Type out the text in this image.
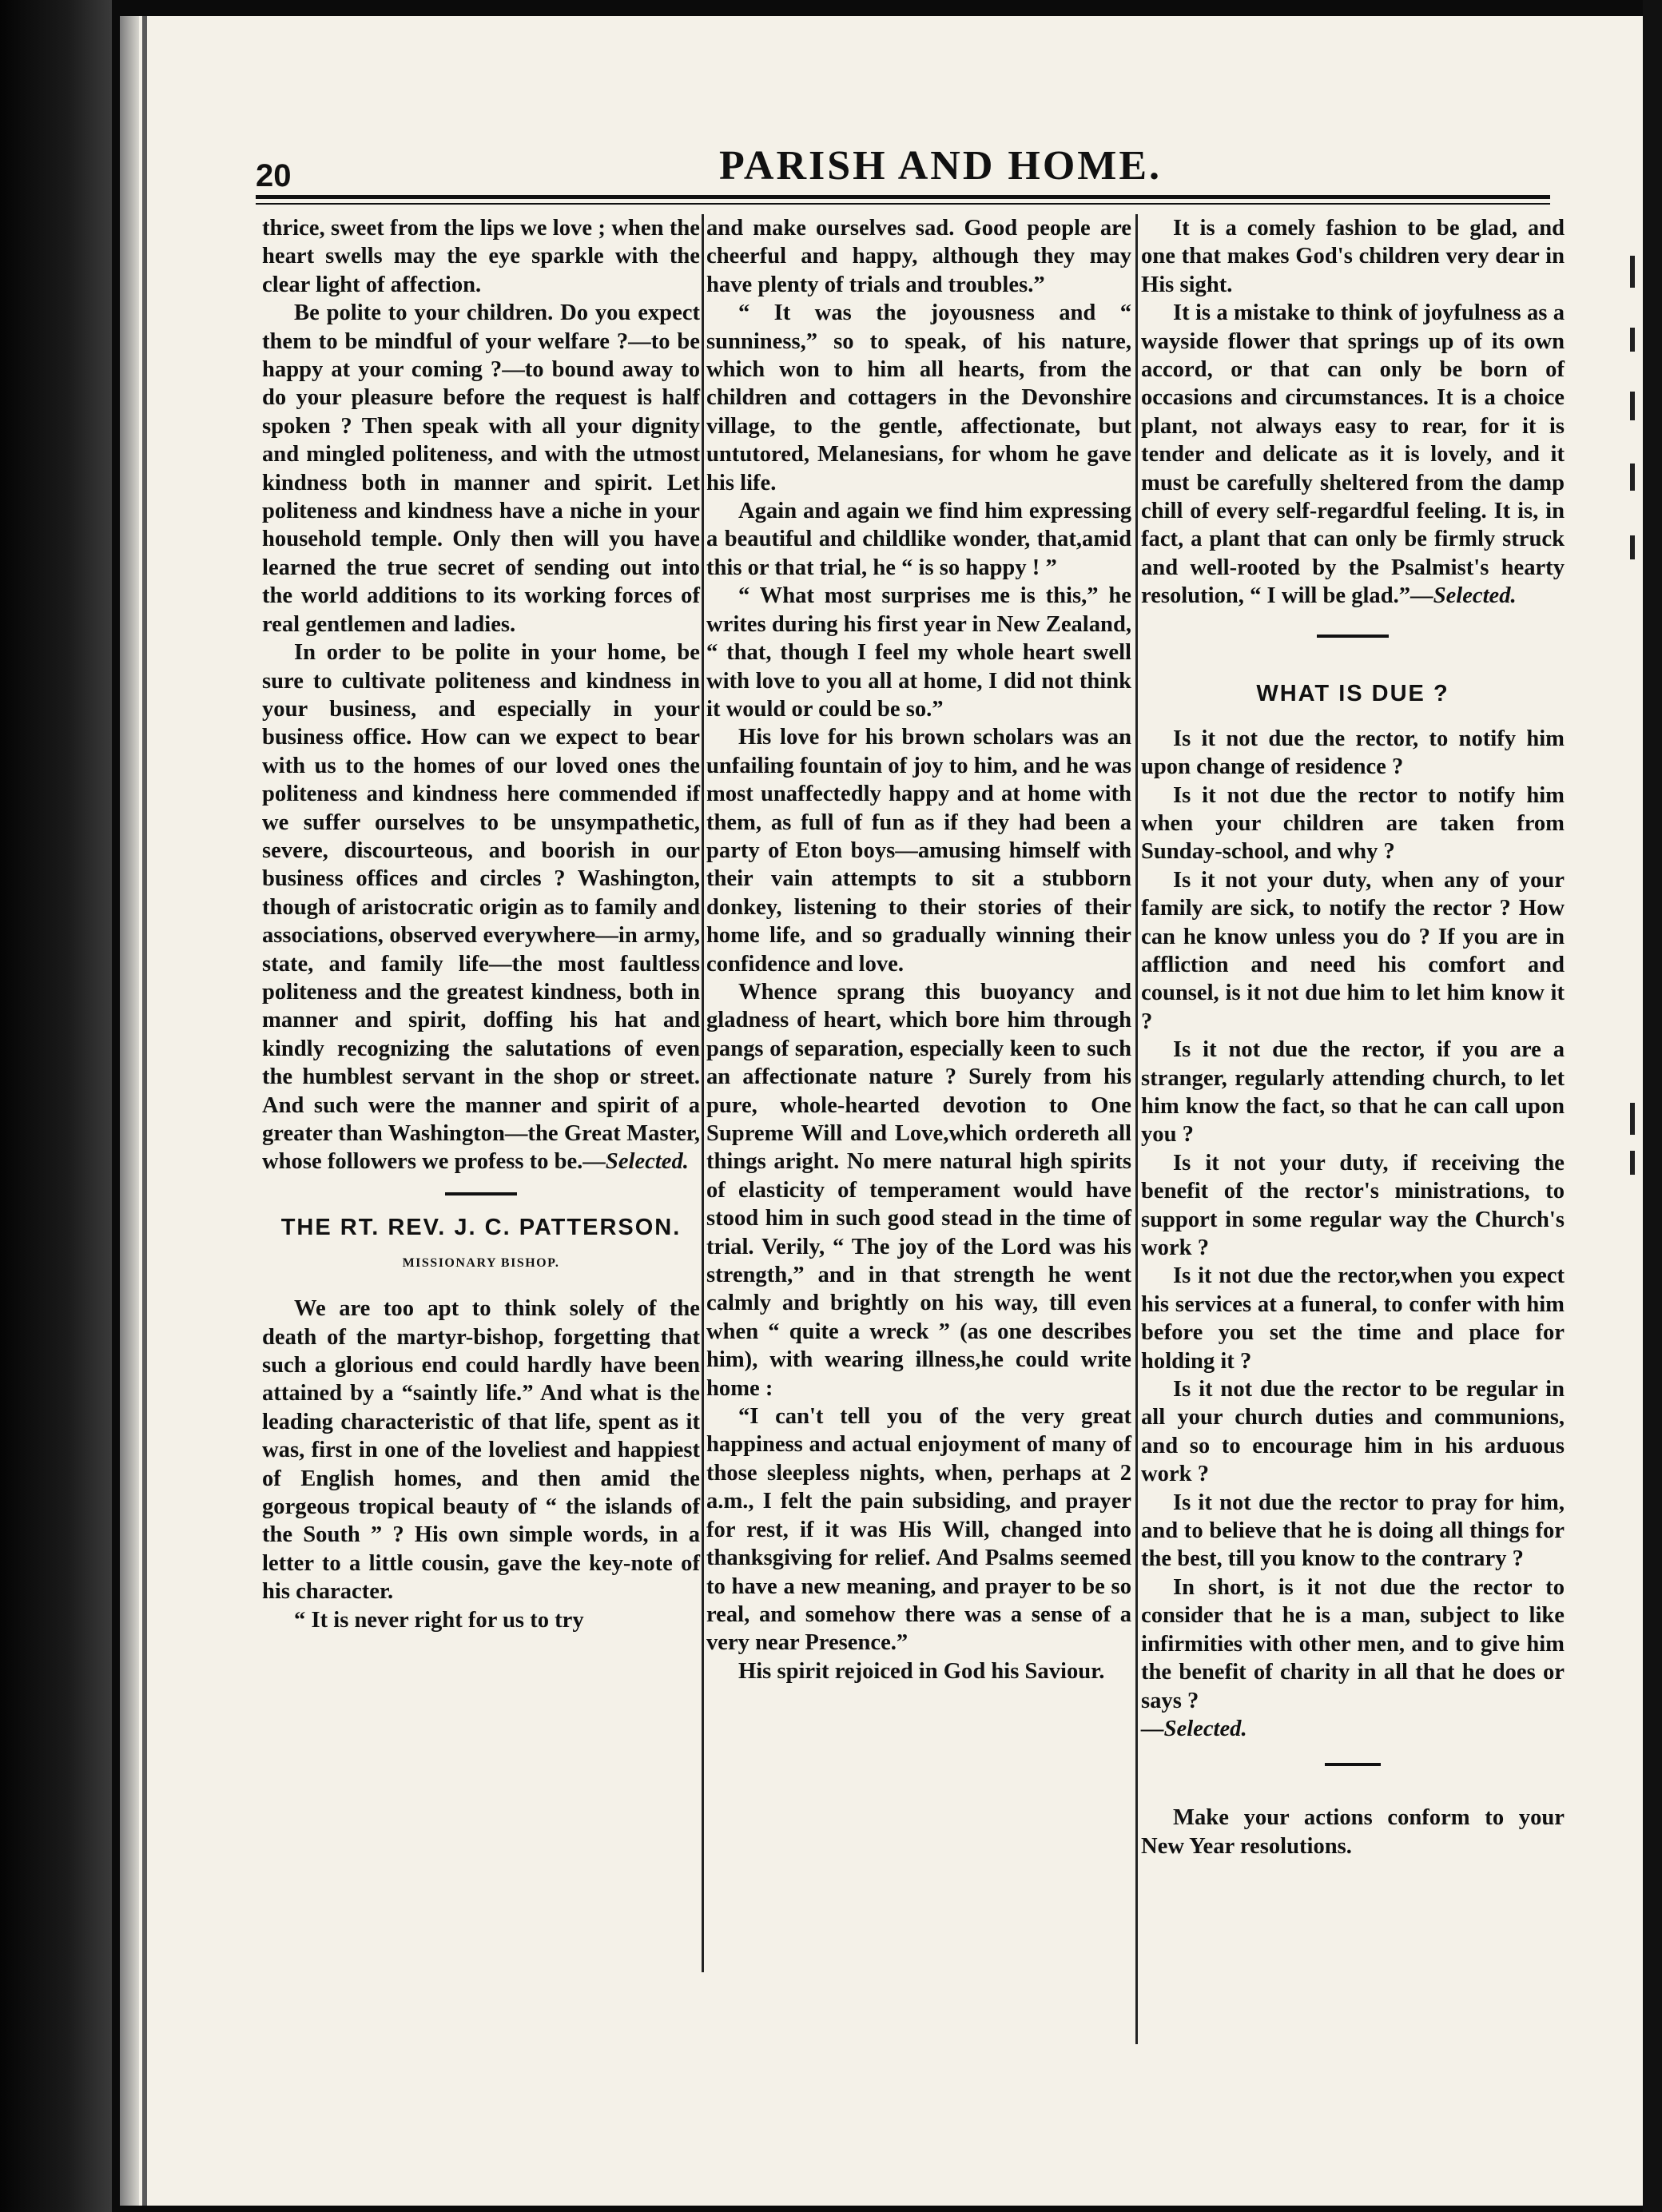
20	PARISH AND HOME.

thrice, sweet from the lips we love ; when the heart swells may the eye sparkle with the clear light of affection.

Be polite to your children. Do you expect them to be mindful of your welfare ?—to be happy at your coming ?—to bound away to do your pleasure before the request is half spoken ? Then speak with all your dignity and mingled politeness, and with the utmost kindness both in manner and spirit. Let politeness and kindness have a niche in your household temple. Only then will you have learned the true secret of sending out into the world additions to its working forces of real gentlemen and ladies.

In order to be polite in your home, be sure to cultivate politeness and kindness in your business, and especially in your business office. How can we expect to bear with us to the homes of our loved ones the politeness and kindness here commended if we suffer ourselves to be unsympathetic, severe, discourteous, and boorish in our business offices and circles ? Washington, though of aristocratic origin as to family and associations, observed everywhere—in army, state, and family life—the most faultless politeness and the greatest kindness, both in manner and spirit, doffing his hat and kindly recognizing the salutations of even the humblest servant in the shop or street. And such were the manner and spirit of a greater than Washington—the Great Master, whose followers we profess to be.—Selected.

THE RT. REV. J. C. PATTERSON.
MISSIONARY BISHOP.

We are too apt to think solely of the death of the martyr-bishop, forgetting that such a glorious end could hardly have been attained by a “saintly life.” And what is the leading characteristic of that life, spent as it was, first in one of the loveliest and happiest of English homes, and then amid the gorgeous tropical beauty of “ the islands of the South ” ? His own simple words, in a letter to a little cousin, gave the key-note of his character.

“ It is never right for us to try

and make ourselves sad. Good people are cheerful and happy, although they may have plenty of trials and troubles.”

“ It was the joyousness and “ sunniness,” so to speak, of his nature, which won to him all hearts, from the children and cottagers in the Devonshire village, to the gentle, affectionate, but untutored, Melanesians, for whom he gave his life.

Again and again we find him expressing a beautiful and childlike wonder, that,amid this or that trial, he “ is so happy ! ”

“ What most surprises me is this,” he writes during his first year in New Zealand, “ that, though I feel my whole heart swell with love to you all at home, I did not think it would or could be so.”

His love for his brown scholars was an unfailing fountain of joy to him, and he was most unaffectedly happy and at home with them, as full of fun as if they had been a party of Eton boys—amusing himself with their vain attempts to sit a stubborn donkey, listening to their stories of their home life, and so gradually winning their confidence and love.

Whence sprang this buoyancy and gladness of heart, which bore him through pangs of separation, especially keen to such an affectionate nature ? Surely from his pure, whole-hearted devotion to One Supreme Will and Love,which ordereth all things aright. No mere natural high spirits of elasticity of temperament would have stood him in such good stead in the time of trial. Verily, “ The joy of the Lord was his strength,” and in that strength he went calmly and brightly on his way, till even when “ quite a wreck ” (as one describes him), with wearing illness,he could write home :

“I can't tell you of the very great happiness and actual enjoyment of many of those sleepless nights, when, perhaps at 2 a.m., I felt the pain subsiding, and prayer for rest, if it was His Will, changed into thanksgiving for relief. And Psalms seemed to have a new meaning, and prayer to be so real, and somehow there was a sense of a very near Presence.”

His spirit rejoiced in God his Saviour.

It is a comely fashion to be glad, and one that makes God's children very dear in His sight.

It is a mistake to think of joyfulness as a wayside flower that springs up of its own accord, or that can only be born of occasions and circumstances. It is a choice plant, not always easy to rear, for it is tender and delicate as it is lovely, and it must be carefully sheltered from the damp chill of every self-regardful feeling. It is, in fact, a plant that can only be firmly struck and well-rooted by the Psalmist's hearty resolution, “ I will be glad.”—Selected.

WHAT IS DUE ?

Is it not due the rector, to notify him upon change of residence ?

Is it not due the rector to notify him when your children are taken from Sunday-school, and why ?

Is it not your duty, when any of your family are sick, to notify the rector ? How can he know unless you do ? If you are in affliction and need his comfort and counsel, is it not due him to let him know it ?

Is it not due the rector, if you are a stranger, regularly attending church, to let him know the fact, so that he can call upon you ?

Is it not your duty, if receiving the benefit of the rector's ministrations, to support in some regular way the Church's work ?

Is it not due the rector,when you expect his services at a funeral, to confer with him before you set the time and place for holding it ?

Is it not due the rector to be regular in all your church duties and communions, and so to encourage him in his arduous work ?

Is it not due the rector to pray for him, and to believe that he is doing all things for the best, till you know to the contrary ?

In short, is it not due the rector to consider that he is a man, subject to like infirmities with other men, and to give him the benefit of charity in all that he does or says ?

—Selected.

Make your actions conform to your New Year resolutions.
